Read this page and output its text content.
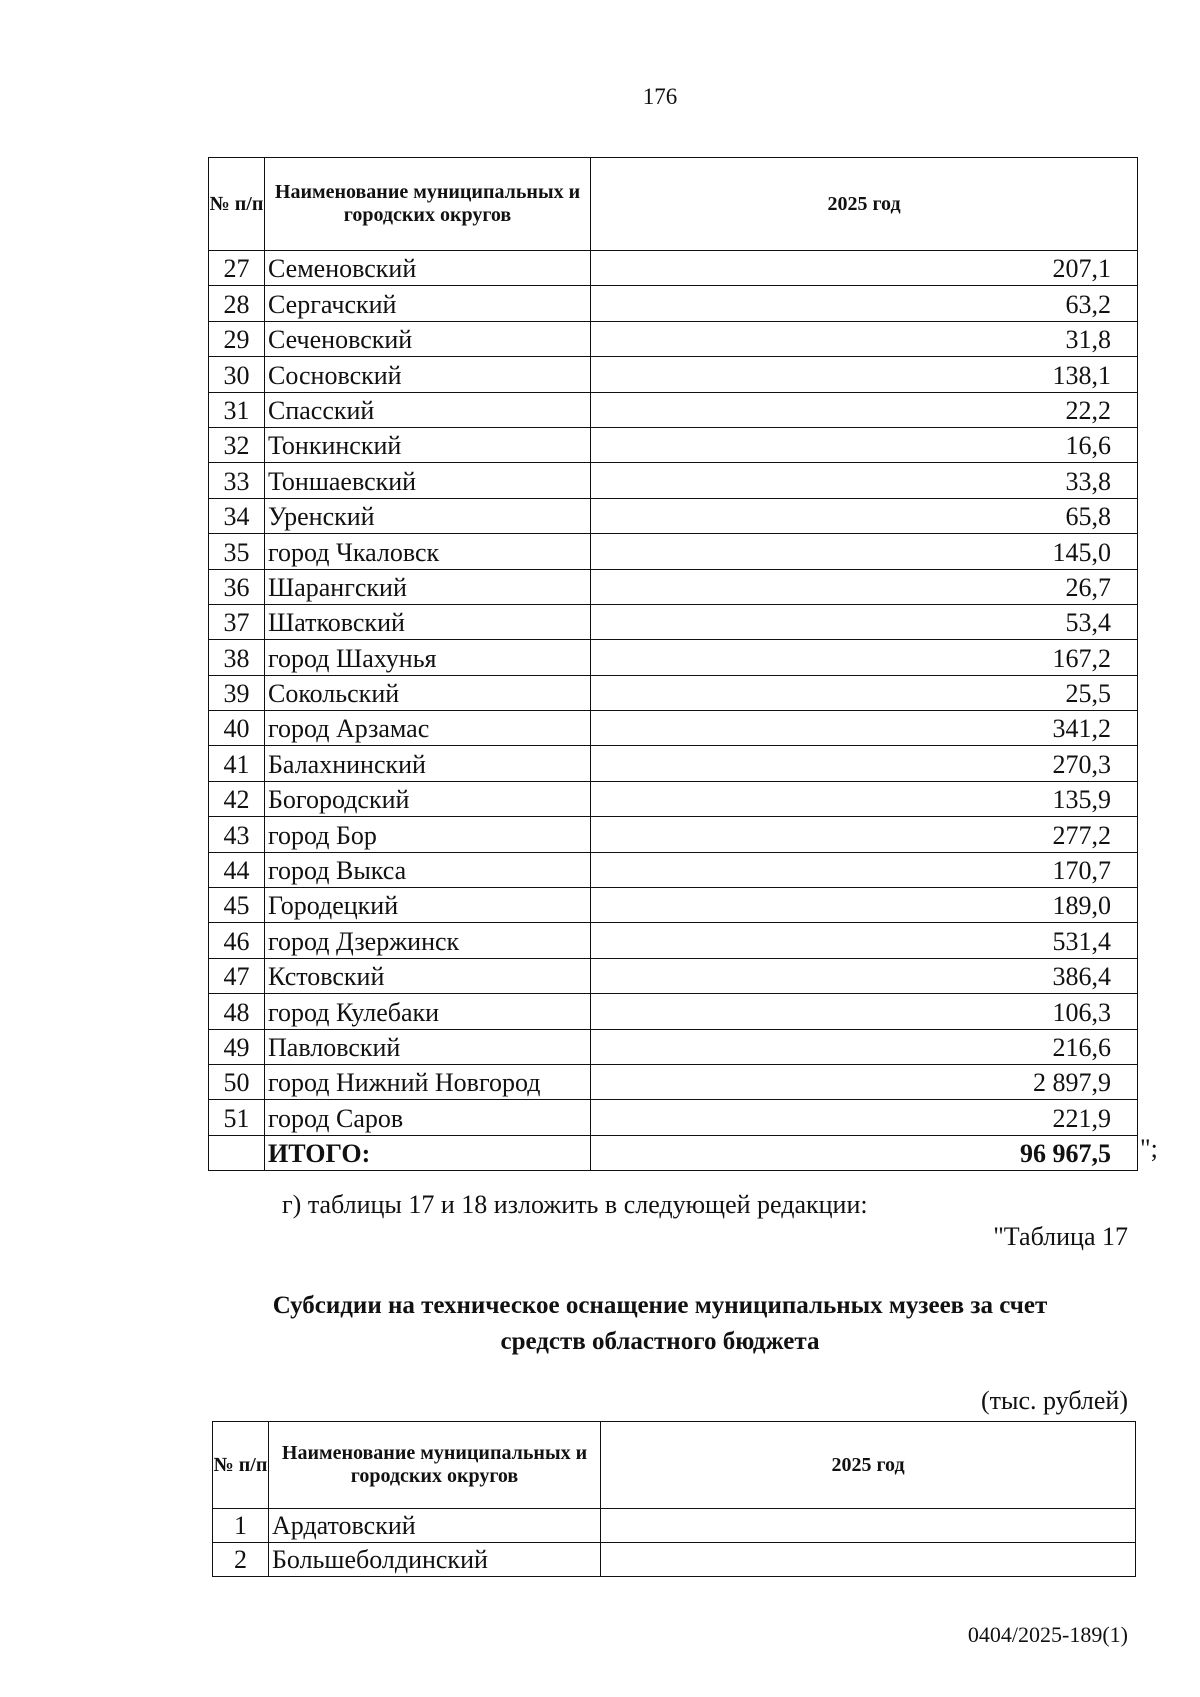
176
№ п/п	Наименование муниципальных и городских округов	2025 год
27	Семеновский	207,1
28	Сергачский	63,2
29	Сеченовский	31,8
30	Сосновский	138,1
31	Спасский	22,2
32	Тонкинский	16,6
33	Тоншаевский	33,8
34	Уренский	65,8
35	город Чкаловск	145,0
36	Шарангский	26,7
37	Шатковский	53,4
38	город Шахунья	167,2
39	Сокольский	25,5
40	город Арзамас	341,2
41	Балахнинский	270,3
42	Богородский	135,9
43	город Бор	277,2
44	город Выкса	170,7
45	Городецкий	189,0
46	город Дзержинск	531,4
47	Кстовский	386,4
48	город Кулебаки	106,3
49	Павловский	216,6
50	город Нижний Новгород	2 897,9
51	город Саров	221,9
	ИТОГО:	96 967,5 ";
г) таблицы 17 и 18 изложить в следующей редакции:
"Таблица 17
Субсидии на техническое оснащение муниципальных музеев за счет
средств областного бюджета
(тыс. рублей)
№ п/п	Наименование муниципальных и городских округов	2025 год
1	Ардатовский	
2	Большеболдинский	
0404/2025-189(1)
